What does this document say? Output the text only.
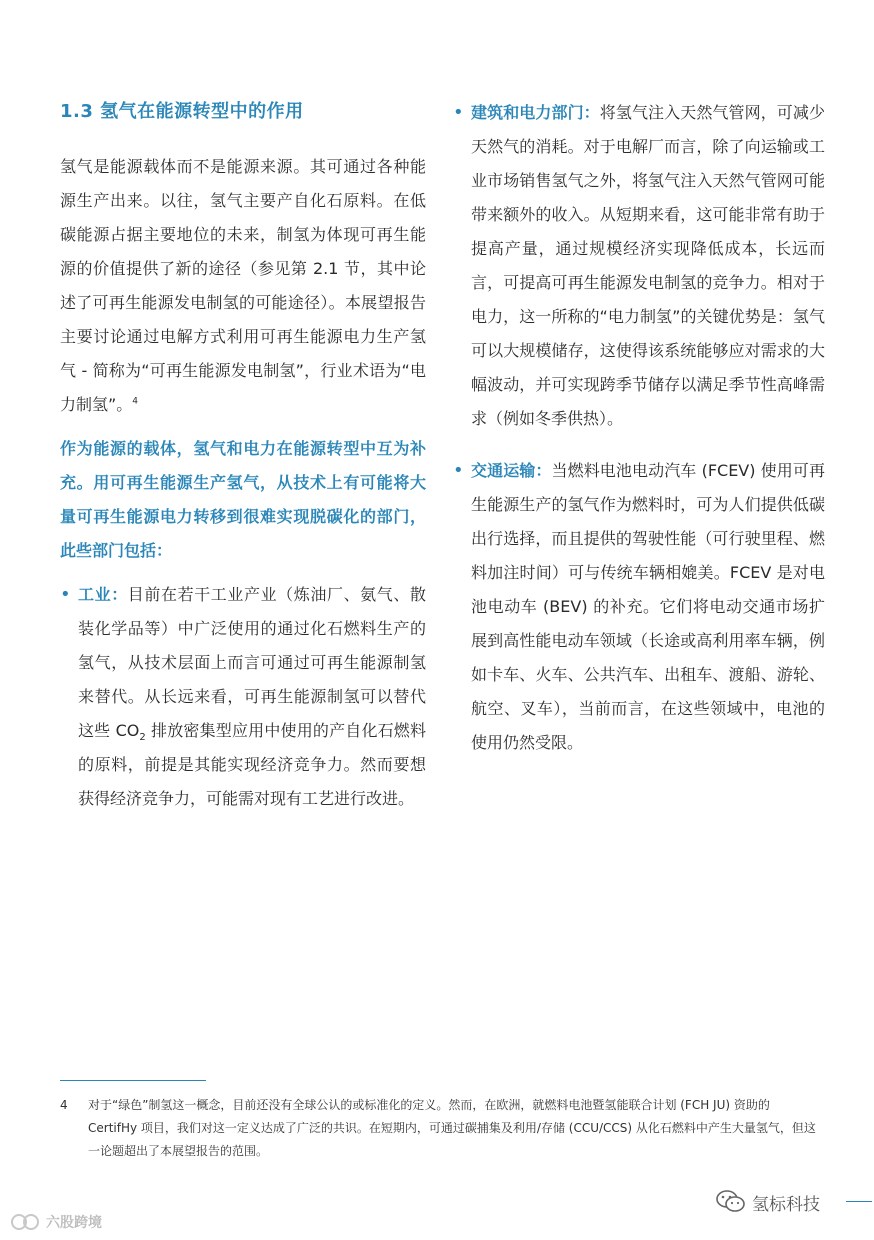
1.3 氢气在能源转型中的作用

氢气是能源载体而不是能源来源。其可通过各种能源生产出来。以往，氢气主要产自化石原料。在低碳能源占据主要地位的未来，制氢为体现可再生能源的价值提供了新的途径（参见第 2.1 节，其中论述了可再生能源发电制氢的可能途径）。本展望报告主要讨论通过电解方式利用可再生能源电力生产氢气 - 简称为“可再生能源发电制氢”，行业术语为“电力制氢”。$^4$

作为能源的载体，氢气和电力在能源转型中互为补充。用可再生能源生产氢气，从技术上有可能将大量可再生能源电力转移到很难实现脱碳化的部门，此些部门包括：

• 工业：目前在若干工业产业（炼油厂、氨气、散装化学品等）中广泛使用的通过化石燃料生产的氢气，从技术层面上而言可通过可再生能源制氢来替代。从长远来看，可再生能源制氢可以替代这些 $CO_2$ 排放密集型应用中使用的产自化石燃料的原料，前提是其能实现经济竞争力。然而要想获得经济竞争力，可能需对现有工艺进行改进。

• 建筑和电力部门：将氢气注入天然气管网，可减少天然气的消耗。对于电解厂而言，除了向运输或工业市场销售氢气之外，将氢气注入天然气管网可能带来额外的收入。从短期来看，这可能非常有助于提高产量，通过规模经济实现降低成本，长远而言，可提高可再生能源发电制氢的竞争力。相对于电力，这一所称的“电力制氢”的关键优势是：氢气可以大规模储存，这使得该系统能够应对需求的大幅波动，并可实现跨季节储存以满足季节性高峰需求（例如冬季供热）。

• 交通运输：当燃料电池电动汽车 (FCEV) 使用可再生能源生产的氢气作为燃料时，可为人们提供低碳出行选择，而且提供的驾驶性能（可行驶里程、燃料加注时间）可与传统车辆相媲美。FCEV 是对电池电动车 (BEV) 的补充。它们将电动交通市场扩展到高性能电动车领域（长途或高利用率车辆，例如卡车、火车、公共汽车、出租车、渡船、游轮、航空、叉车），当前而言，在这些领域中，电池的使用仍然受限。

4 对于“绿色”制氢这一概念，目前还没有全球公认的或标准化的定义。然而，在欧洲，就燃料电池暨氢能联合计划 (FCH JU) 资助的 CertifHy 项目，我们对这一定义达成了广泛的共识。在短期内，可通过碳捕集及利用/存储 (CCU/CCS) 从化石燃料中产生大量氢气，但这一论题超出了本展望报告的范围。
六股跨境
氢标科技
